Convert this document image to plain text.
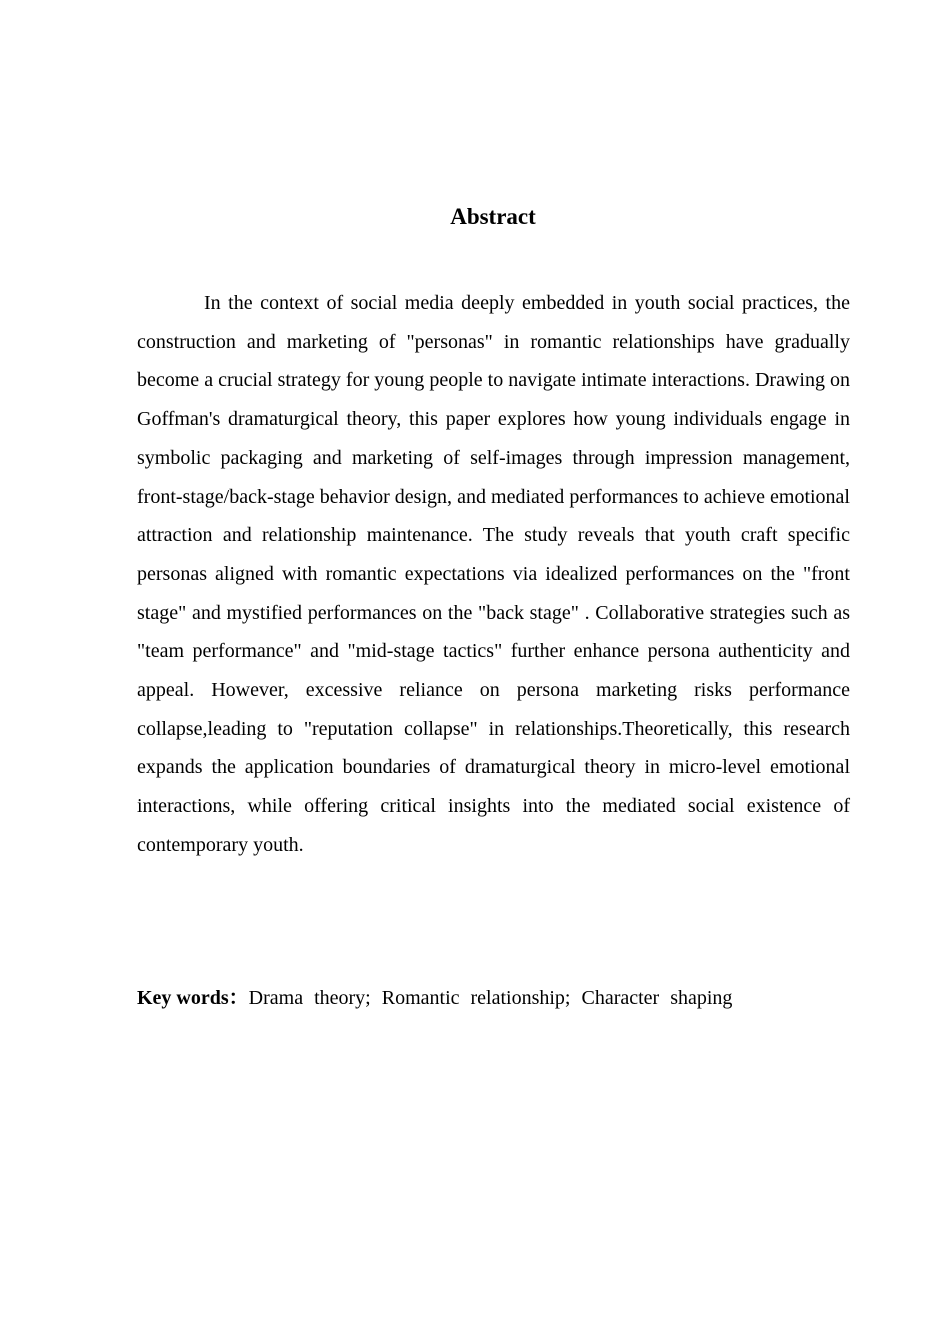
Abstract

In the context of social media deeply embedded in youth social practices, the construction and marketing of "personas" in romantic relationships have gradually become a crucial strategy for young people to navigate intimate interactions. Drawing on Goffman's dramaturgical theory, this paper explores how young individuals engage in symbolic packaging and marketing of self-images through impression management, front-stage/back-stage behavior design, and mediated performances to achieve emotional attraction and relationship maintenance. The study reveals that youth craft specific personas aligned with romantic expectations via idealized performances on the "front stage" and mystified performances on the "back stage" . Collaborative strategies such as "team performance" and "mid-stage tactics" further enhance persona authenticity and appeal. However, excessive reliance on persona marketing risks performance collapse,leading to "reputation collapse" in relationships.Theoretically, this research expands the application boundaries of dramaturgical theory in micro-level emotional interactions, while offering critical insights into the mediated social existence of contemporary youth.

Key words：Drama theory; Romantic relationship; Character shaping
